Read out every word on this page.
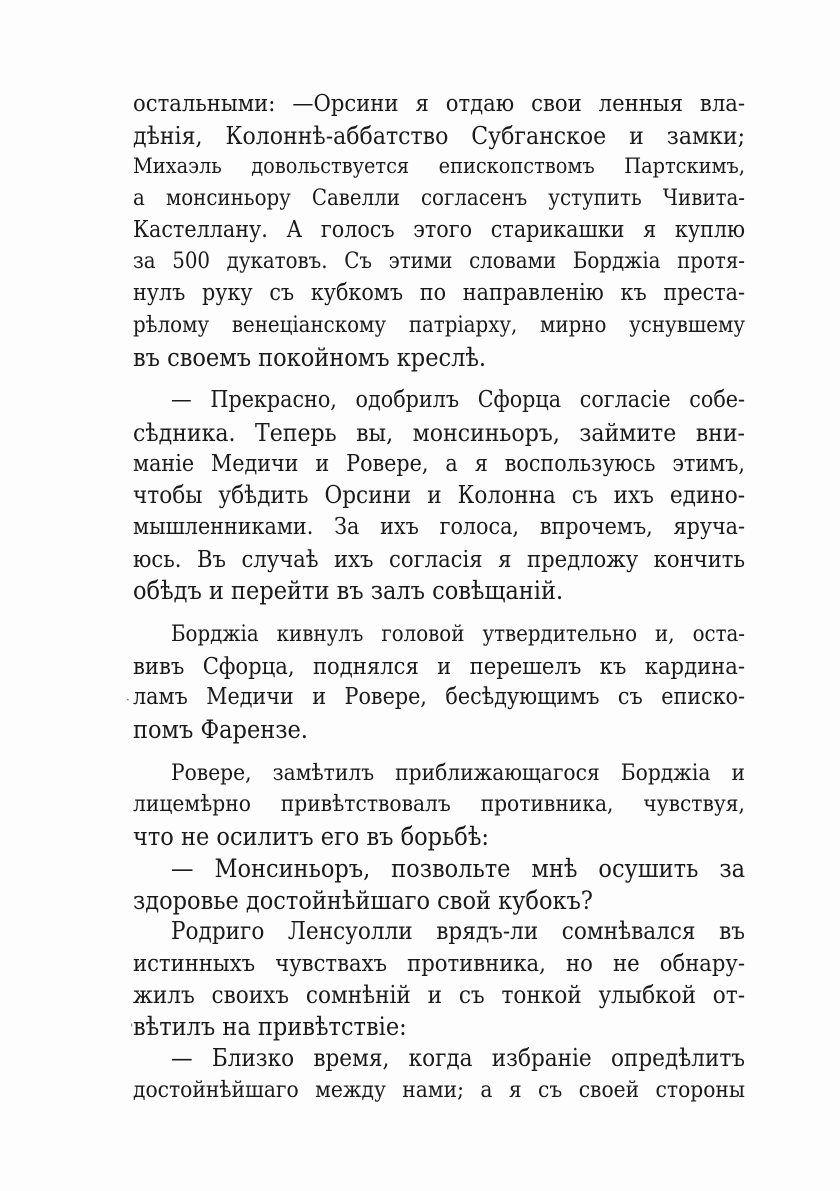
остальными: —Орсини я отдаю свои ленныя вла-
дѣнія, Колоннѣ-аббатство Субганское и замки;
Михаэль довольствуется епископствомъ Партскимъ,
а монсиньору Савелли согласенъ уступить Чивита-
Кастеллану. А голосъ этого старикашки я куплю
за 500 дукатовъ. Съ этими словами Борджіа протя-
нулъ руку съ кубкомъ по направленію къ преста-
рѣлому венеціанскому патріарху, мирно уснувшему
въ своемъ покойномъ креслѣ.
— Прекрасно, одобрилъ Сфорца согласіе собе-
сѣдника. Теперь вы, монсиньоръ, займите вни-
маніе Медичи и Ровере, а я воспользуюсь этимъ,
чтобы убѣдить Орсини и Колонна съ ихъ едино-
мышленниками. За ихъ голоса, впрочемъ, яруча-
юсь. Въ случаѣ ихъ согласія я предложу кончить
обѣдъ и перейти въ залъ совѣщаній.
Борджіа кивнулъ головой утвердительно и, оста-
вивъ Сфорца, поднялся и перешелъ къ кардина-
ламъ Медичи и Ровере, бесѣдующимъ съ еписко-
помъ Фарензе.
Ровере, замѣтилъ приближающагося Борджіа и
лицемѣрно привѣтствовалъ противника, чувствуя,
что не осилитъ его въ борьбѣ:
— Монсиньоръ, позвольте мнѣ осушить за
здоровье достойнѣйшаго свой кубокъ?
Родриго Ленсуолли врядъ-ли сомнѣвался въ
истинныхъ чувствахъ противника, но не обнару-
жилъ своихъ сомнѣній и съ тонкой улыбкой от-
вѣтилъ на привѣтствіе:
— Близко время, когда избраніе опредѣлитъ
достойнѣйшаго между нами; а я съ своей стороны
·
ˈ
